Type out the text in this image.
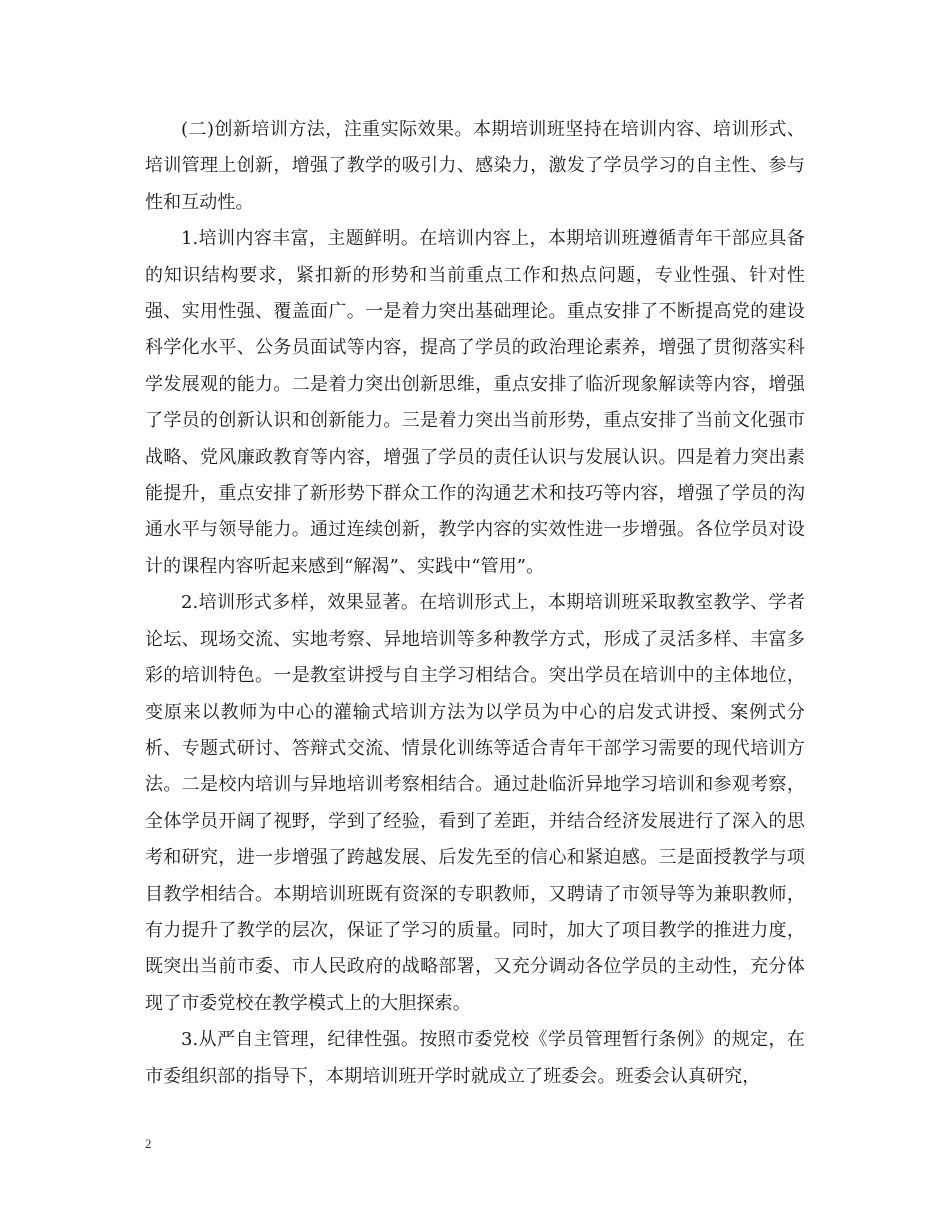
(二)创新培训方法，注重实际效果。本期培训班坚持在培训内容、培训形式、培训管理上创新，增强了教学的吸引力、感染力，激发了学员学习的自主性、参与性和互动性。

1.培训内容丰富，主题鲜明。在培训内容上，本期培训班遵循青年干部应具备的知识结构要求，紧扣新的形势和当前重点工作和热点问题，专业性强、针对性强、实用性强、覆盖面广。一是着力突出基础理论。重点安排了不断提高党的建设科学化水平、公务员面试等内容，提高了学员的政治理论素养，增强了贯彻落实科学发展观的能力。二是着力突出创新思维，重点安排了临沂现象解读等内容，增强了学员的创新认识和创新能力。三是着力突出当前形势，重点安排了当前文化强市战略、党风廉政教育等内容，增强了学员的责任认识与发展认识。四是着力突出素能提升，重点安排了新形势下群众工作的沟通艺术和技巧等内容，增强了学员的沟通水平与领导能力。通过连续创新，教学内容的实效性进一步增强。各位学员对设计的课程内容听起来感到“解渴”、实践中“管用”。

2.培训形式多样，效果显著。在培训形式上，本期培训班采取教室教学、学者论坛、现场交流、实地考察、异地培训等多种教学方式，形成了灵活多样、丰富多彩的培训特色。一是教室讲授与自主学习相结合。突出学员在培训中的主体地位，变原来以教师为中心的灌输式培训方法为以学员为中心的启发式讲授、案例式分析、专题式研讨、答辩式交流、情景化训练等适合青年干部学习需要的现代培训方法。二是校内培训与异地培训考察相结合。通过赴临沂异地学习培训和参观考察，全体学员开阔了视野，学到了经验，看到了差距，并结合经济发展进行了深入的思考和研究，进一步增强了跨越发展、后发先至的信心和紧迫感。三是面授教学与项目教学相结合。本期培训班既有资深的专职教师，又聘请了市领导等为兼职教师，有力提升了教学的层次，保证了学习的质量。同时，加大了项目教学的推进力度，既突出当前市委、市人民政府的战略部署，又充分调动各位学员的主动性，充分体现了市委党校在教学模式上的大胆探索。

3.从严自主管理，纪律性强。按照市委党校《学员管理暂行条例》的规定，在市委组织部的指导下，本期培训班开学时就成立了班委会。班委会认真研究，

2
